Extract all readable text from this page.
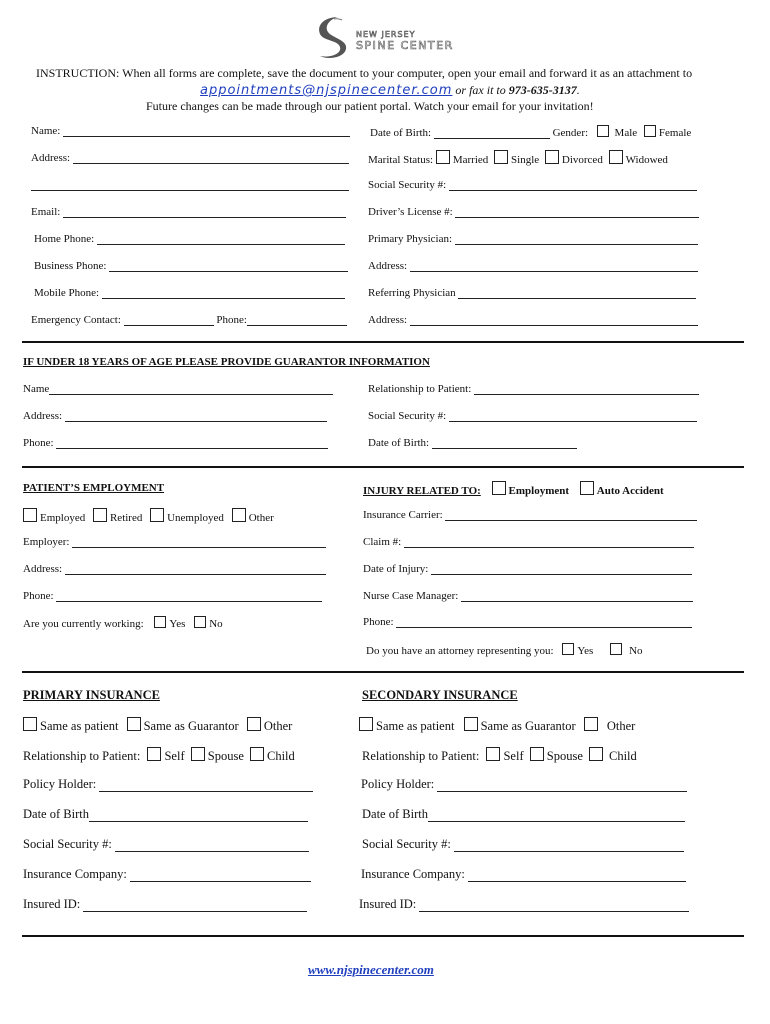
NEW JERSEY
SPINE CENTER
INSTRUCTION: When all forms are complete, save the document to your computer, open your email and forward it as an attachment to
appointments@njspinecenter.com or fax it to 973-635-3137.
Future changes can be made through our patient portal. Watch your email for your invitation!
Name:
Address:
Email:
Home Phone:
Business Phone:
Mobile Phone:
Emergency Contact:	Phone:
Date of Birth:	Gender: Male Female
Marital Status: Married Single Divorced Widowed
Social Security #:
Driver’s License #:
Primary Physician:
Address:
Referring Physician
Address:
IF UNDER 18 YEARS OF AGE PLEASE PROVIDE GUARANTOR INFORMATION
Name
Address:
Phone:
Relationship to Patient:
Social Security #:
Date of Birth:
PATIENT’S EMPLOYMENT
Employed Retired Unemployed Other
Employer:
Address:
Phone:
Are you currently working: Yes No
INJURY RELATED TO:	Employment	Auto Accident
Insurance Carrier:
Claim #:
Date of Injury:
Nurse Case Manager:
Phone:
Do you have an attorney representing you: Yes	No
PRIMARY INSURANCE
Same as patient Same as Guarantor Other
Relationship to Patient: Self Spouse Child
Policy Holder:
Date of Birth
Social Security #:
Insurance Company:
Insured ID:
SECONDARY INSURANCE
Same as patient Same as Guarantor Other
Relationship to Patient: Self Spouse Child
Policy Holder:
Date of Birth
Social Security #:
Insurance Company:
Insured ID:
www.njspinecenter.com
